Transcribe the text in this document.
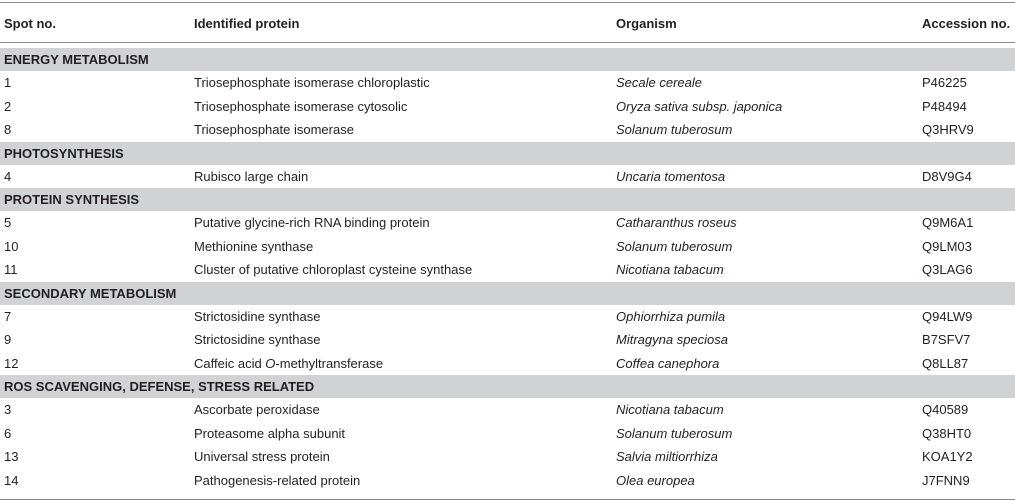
Spot no.	Identified protein	Organism	Accession no.

ENERGY METABOLISM			
1	Triosephosphate isomerase chloroplastic	Secale cereale	P46225
2	Triosephosphate isomerase cytosolic	Oryza sativa subsp. japonica	P48494
8	Triosephosphate isomerase	Solanum tuberosum	Q3HRV9
PHOTOSYNTHESIS			
4	Rubisco large chain	Uncaria tomentosa	D8V9G4
PROTEIN SYNTHESIS			
5	Putative glycine-rich RNA binding protein	Catharanthus roseus	Q9M6A1
10	Methionine synthase	Solanum tuberosum	Q9LM03
11	Cluster of putative chloroplast cysteine synthase	Nicotiana tabacum	Q3LAG6
SECONDARY METABOLISM			
7	Strictosidine synthase	Ophiorrhiza pumila	Q94LW9
9	Strictosidine synthase	Mitragyna speciosa	B7SFV7
12	Caffeic acid O-methyltransferase	Coffea canephora	Q8LL87
ROS SCAVENGING, DEFENSE, STRESS RELATED			
3	Ascorbate peroxidase	Nicotiana tabacum	Q40589
6	Proteasome alpha subunit	Solanum tuberosum	Q38HT0
13	Universal stress protein	Salvia miltiorrhiza	KOA1Y2
14	Pathogenesis-related protein	Olea europea	J7FNN9
